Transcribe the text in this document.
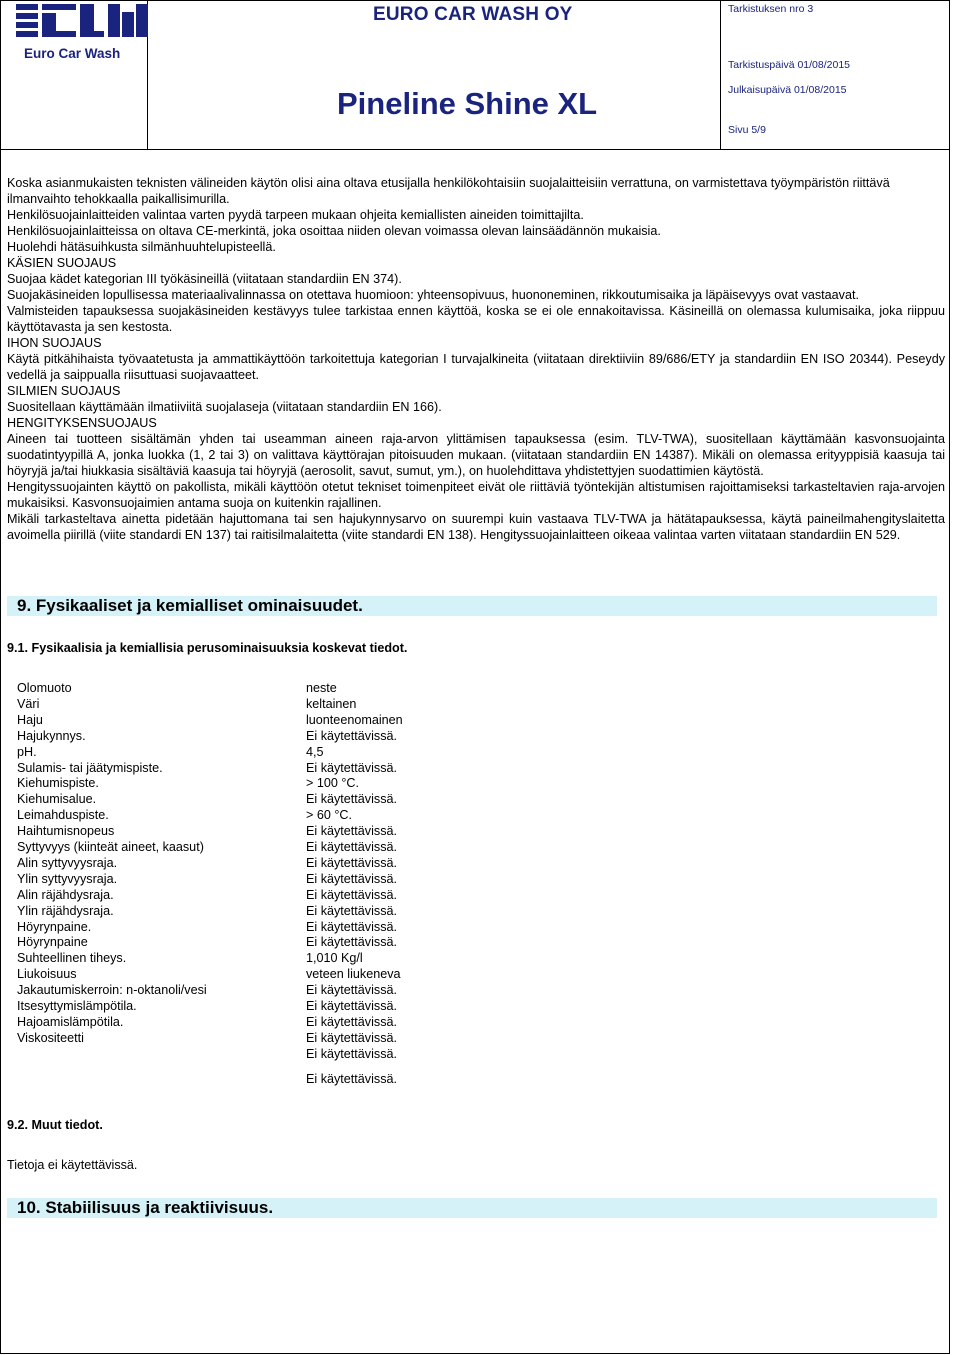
Euro Car Wash
EURO CAR WASH OY
Pineline Shine XL
Tarkistuksen nro 3
Tarkistuspäivä 01/08/2015
Julkaisupäivä 01/08/2015
Sivu 5/9

Koska asianmukaisten teknisten välineiden käytön olisi aina oltava etusijalla henkilökohtaisiin suojalaitteisiin verrattuna, on varmistettava työympäristön riittävä ilmanvaihto tehokkaalla paikallisimurilla.

Henkilösuojainlaitteiden valintaa varten pyydä tarpeen mukaan ohjeita kemiallisten aineiden toimittajilta.

Henkilösuojainlaitteissa on oltava CE-merkintä, joka osoittaa niiden olevan voimassa olevan lainsäädännön mukaisia.

Huolehdi hätäsuihkusta silmänhuuhtelupisteellä.

KÄSIEN SUOJAUS

Suojaa kädet kategorian III työkäsineillä (viitataan standardiin EN 374).

Suojakäsineiden lopullisessa materiaalivalinnassa on otettava huomioon: yhteensopivuus, huononeminen, rikkoutumisaika ja läpäisevyys ovat vastaavat.

Valmisteiden tapauksessa suojakäsineiden kestävyys tulee tarkistaa ennen käyttöä, koska se ei ole ennakoitavissa. Käsineillä on olemassa kulumisaika, joka riippuu käyttötavasta ja sen kestosta.

IHON SUOJAUS

Käytä pitkähihaista työvaatetusta ja ammattikäyttöön tarkoitettuja kategorian I turvajalkineita (viitataan direktiiviin 89/686/ETY ja standardiin EN ISO 20344). Peseydy vedellä ja saippualla riisuttuasi suojavaatteet.

SILMIEN SUOJAUS

Suositellaan käyttämään ilmatiiviitä suojalaseja (viitataan standardiin EN 166).

HENGITYKSENSUOJAUS

Aineen tai tuotteen sisältämän yhden tai useamman aineen raja-arvon ylittämisen tapauksessa (esim. TLV-TWA), suositellaan käyttämään kasvonsuojainta suodatintyypillä A, jonka luokka (1, 2 tai 3) on valittava käyttörajan pitoisuuden mukaan. (viitataan standardiin EN 14387). Mikäli on olemassa erityyppisiä kaasuja tai höyryjä ja/tai hiukkasia sisältäviä kaasuja tai höyryjä (aerosolit, savut, sumut, ym.), on huolehdittava yhdistettyjen suodattimien käytöstä.

Hengityssuojainten käyttö on pakollista, mikäli käyttöön otetut tekniset toimenpiteet eivät ole riittäviä työntekijän altistumisen rajoittamiseksi tarkasteltavien raja-arvojen mukaisiksi. Kasvonsuojaimien antama suoja on kuitenkin rajallinen.

Mikäli tarkasteltava ainetta pidetään hajuttomana tai sen hajukynnysarvo on suurempi kuin vastaava TLV-TWA ja hätätapauksessa, käytä paineilmahengityslaitetta avoimella piirillä (viite standardi EN 137) tai raitisilmalaitetta (viite standardi EN 138). Hengityssuojainlaitteen oikeaa valintaa varten viitataan standardiin EN 529.

9. Fysikaaliset ja kemialliset ominaisuudet.
9.1. Fysikaalisia ja kemiallisia perusominaisuuksia koskevat tiedot.
Olomuoto	neste
Väri	keltainen
Haju	luonteenomainen
Hajukynnys.	Ei käytettävissä.
pH.	4,5
Sulamis- tai jäätymispiste.	Ei käytettävissä.
Kiehumispiste.	> 100 °C.
Kiehumisalue.	Ei käytettävissä.
Leimahduspiste.	> 60 °C.
Haihtumisnopeus	Ei käytettävissä.
Syttyvyys (kiinteät aineet, kaasut)	Ei käytettävissä.
Alin syttyvyysraja.	Ei käytettävissä.
Ylin syttyvyysraja.	Ei käytettävissä.
Alin räjähdysraja.	Ei käytettävissä.
Ylin räjähdysraja.	Ei käytettävissä.
Höyrynpaine.	Ei käytettävissä.
Höyrynpaine	Ei käytettävissä.
Suhteellinen tiheys.	1,010 Kg/l
Liukoisuus	veteen liukeneva
Jakautumiskerroin: n-oktanoli/vesi	Ei käytettävissä.
Itsesyttymislämpötila.	Ei käytettävissä.
Hajoamislämpötila.	Ei käytettävissä.
Viskositeetti	Ei käytettävissä.
Ei käytettävissä.
Ei käytettävissä.
9.2. Muut tiedot.
Tietoja ei käytettävissä.
10. Stabiilisuus ja reaktiivisuus.
